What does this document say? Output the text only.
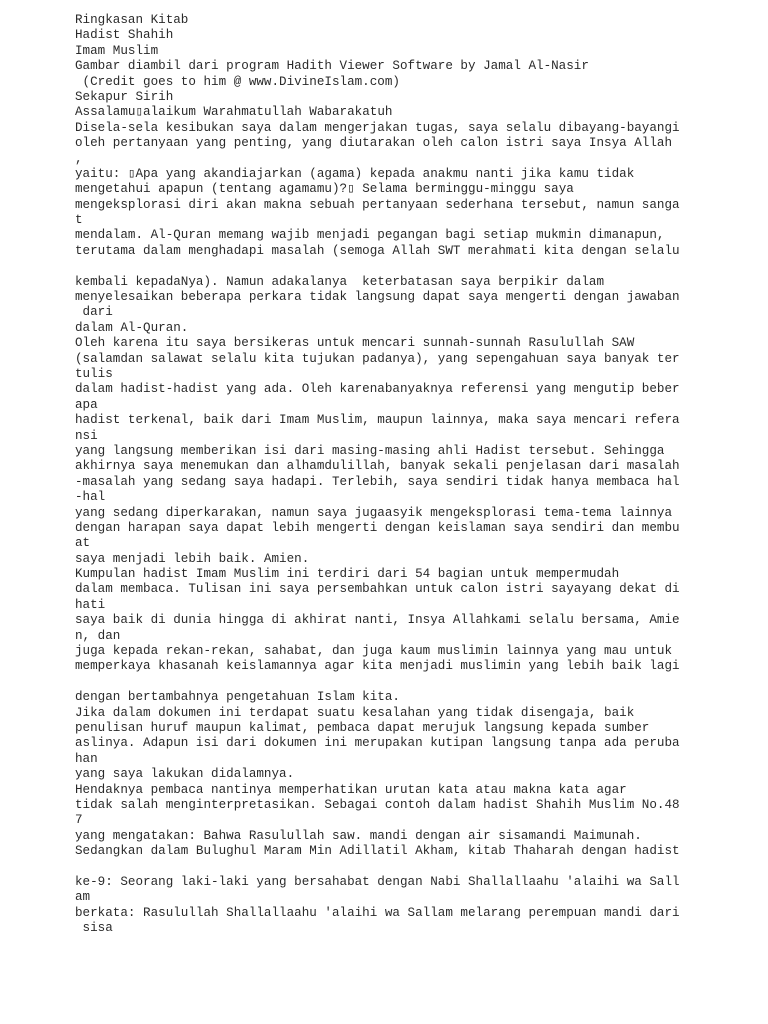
Ringkasan Kitab
Hadist Shahih
Imam Muslim
Gambar diambil dari program Hadith Viewer Software by Jamal Al-Nasir
(Credit goes to him @ www.DivineIslam.com)
Sekapur Sirih
Assalamu▯alaikum Warahmatullah Wabarakatuh
Disela-sela kesibukan saya dalam mengerjakan tugas, saya selalu dibayang-bayangi
oleh pertanyaan yang penting, yang diutarakan oleh calon istri saya Insya Allah
,
yaitu: ▯Apa yang akandiajarkan (agama) kepada anakmu nanti jika kamu tidak
mengetahui apapun (tentang agamamu)?▯ Selama berminggu-minggu saya
mengeksplorasi diri akan makna sebuah pertanyaan sederhana tersebut, namun sanga
t
mendalam. Al-Quran memang wajib menjadi pegangan bagi setiap mukmin dimanapun,
terutama dalam menghadapi masalah (semoga Allah SWT merahmati kita dengan selalu
kembali kepadaNya). Namun adakalanya  keterbatasan saya berpikir dalam
menyelesaikan beberapa perkara tidak langsung dapat saya mengerti dengan jawaban
dari
dalam Al-Quran.
Oleh karena itu saya bersikeras untuk mencari sunnah-sunnah Rasulullah SAW
(salamdan salawat selalu kita tujukan padanya), yang sepengahuan saya banyak ter
tulis
dalam hadist-hadist yang ada. Oleh karenabanyaknya referensi yang mengutip beber
apa
hadist terkenal, baik dari Imam Muslim, maupun lainnya, maka saya mencari refera
nsi
yang langsung memberikan isi dari masing-masing ahli Hadist tersebut. Sehingga
akhirnya saya menemukan dan alhamdulillah, banyak sekali penjelasan dari masalah
-masalah yang sedang saya hadapi. Terlebih, saya sendiri tidak hanya membaca hal
-hal
yang sedang diperkarakan, namun saya jugaasyik mengeksplorasi tema-tema lainnya
dengan harapan saya dapat lebih mengerti dengan keislaman saya sendiri dan membu
at
saya menjadi lebih baik. Amien.
Kumpulan hadist Imam Muslim ini terdiri dari 54 bagian untuk mempermudah
dalam membaca. Tulisan ini saya persembahkan untuk calon istri sayayang dekat di
hati
saya baik di dunia hingga di akhirat nanti, Insya Allahkami selalu bersama, Amie
n, dan
juga kepada rekan-rekan, sahabat, dan juga kaum muslimin lainnya yang mau untuk
memperkaya khasanah keislamannya agar kita menjadi muslimin yang lebih baik lagi
dengan bertambahnya pengetahuan Islam kita.
Jika dalam dokumen ini terdapat suatu kesalahan yang tidak disengaja, baik
penulisan huruf maupun kalimat, pembaca dapat merujuk langsung kepada sumber
aslinya. Adapun isi dari dokumen ini merupakan kutipan langsung tanpa ada peruba
han
yang saya lakukan didalamnya.
Hendaknya pembaca nantinya memperhatikan urutan kata atau makna kata agar
tidak salah menginterpretasikan. Sebagai contoh dalam hadist Shahih Muslim No.48
7
yang mengatakan: Bahwa Rasulullah saw. mandi dengan air sisamandi Maimunah.
Sedangkan dalam Bulughul Maram Min Adillatil Akham, kitab Thaharah dengan hadist
ke-9: Seorang laki-laki yang bersahabat dengan Nabi Shallallaahu 'alaihi wa Sall
am
berkata: Rasulullah Shallallaahu 'alaihi wa Sallam melarang perempuan mandi dari
sisa
